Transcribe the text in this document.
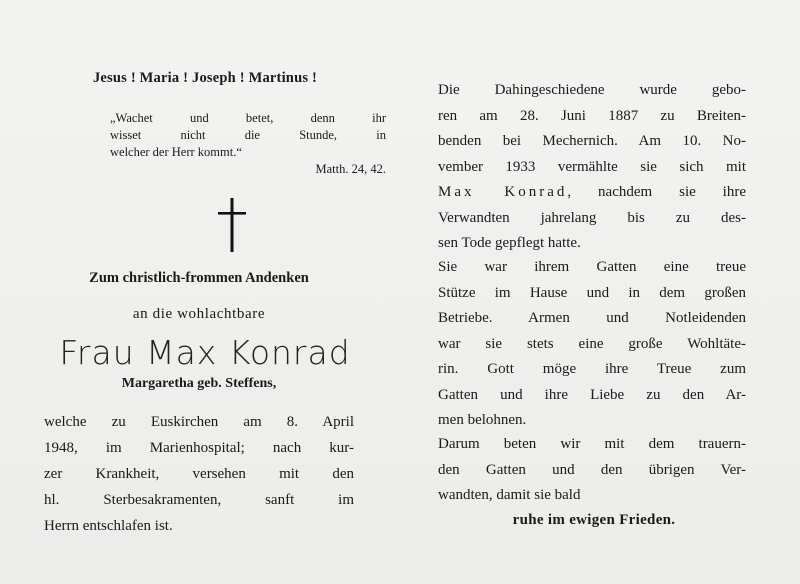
Jesus ! Maria ! Joseph ! Martinus !
„Wachet und betet, denn ihr
wisset nicht die Stunde, in
welcher der Herr kommt.“
Matth. 24, 42.
Zum christlich-frommen Andenken
an die wohlachtbare
Frau Max Konrad
Margaretha geb. Steffens,
welche zu Euskirchen am 8. April
1948, im Marienhospital; nach kur-
zer Krankheit, versehen mit den
hl. Sterbesakramenten, sanft im
Herrn entschlafen ist.
Die Dahingeschiedene wurde gebo-
ren am 28. Juni 1887 zu Breiten-
benden bei Mechernich. Am 10. No-
vember 1933 vermählte sie sich mit
Max Konrad, nachdem sie ihre
Verwandten jahrelang bis zu des-
sen Tode gepflegt hatte.
Sie war ihrem Gatten eine treue
Stütze im Hause und in dem großen
Betriebe. Armen und Notleidenden
war sie stets eine große Wohltäte-
rin. Gott möge ihre Treue zum
Gatten und ihre Liebe zu den Ar-
men belohnen.
Darum beten wir mit dem trauern-
den Gatten und den übrigen Ver-
wandten, damit sie bald
ruhe im ewigen Frieden.
